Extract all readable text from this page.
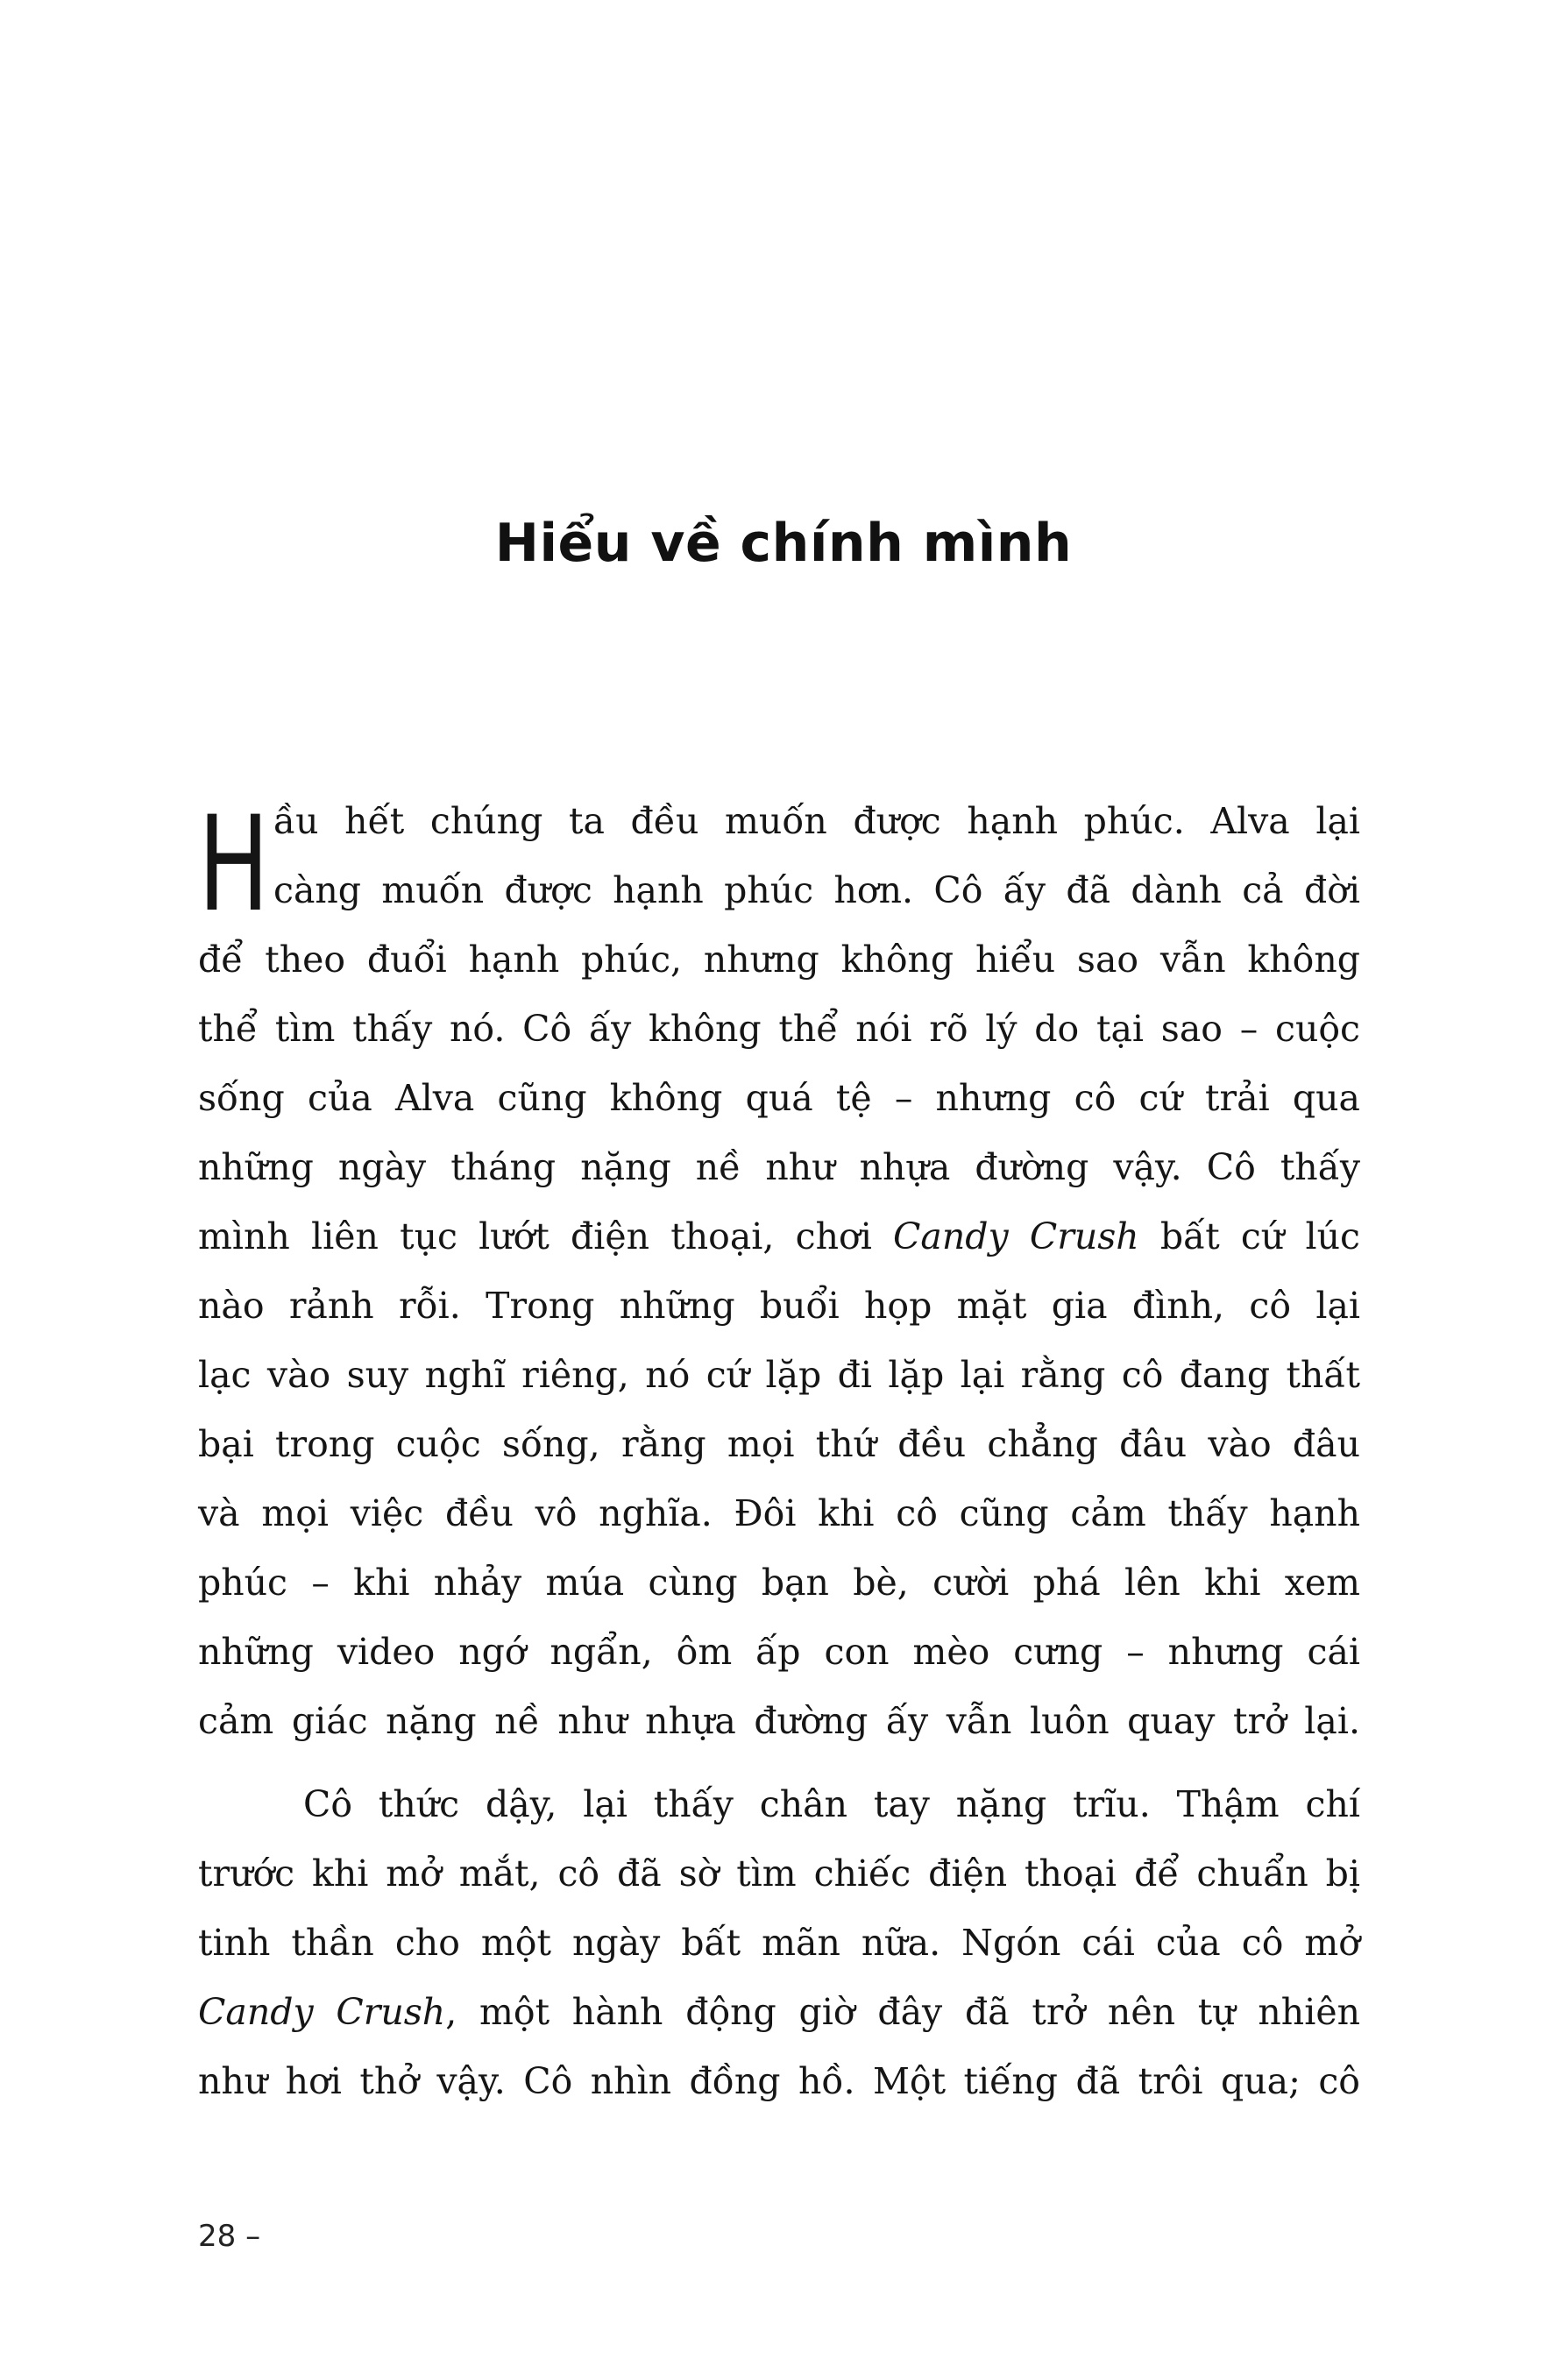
Hiểu về chính mình
H ầu hết chúng ta đều muốn được hạnh phúc. Alva lại
càng muốn được hạnh phúc hơn. Cô ấy đã dành cả đời
để theo đuổi hạnh phúc, nhưng không hiểu sao vẫn không
thể tìm thấy nó. Cô ấy không thể nói rõ lý do tại sao – cuộc
sống của Alva cũng không quá tệ – nhưng cô cứ trải qua
những ngày tháng nặng nề như nhựa đường vậy. Cô thấy
mình liên tục lướt điện thoại, chơi Candy Crush bất cứ lúc
nào rảnh rỗi. Trong những buổi họp mặt gia đình, cô lại
lạc vào suy nghĩ riêng, nó cứ lặp đi lặp lại rằng cô đang thất
bại trong cuộc sống, rằng mọi thứ đều chẳng đâu vào đâu
và mọi việc đều vô nghĩa. Đôi khi cô cũng cảm thấy hạnh
phúc – khi nhảy múa cùng bạn bè, cười phá lên khi xem
những video ngớ ngẩn, ôm ấp con mèo cưng – nhưng cái
cảm giác nặng nề như nhựa đường ấy vẫn luôn quay trở lại.
Cô thức dậy, lại thấy chân tay nặng trĩu. Thậm chí
trước khi mở mắt, cô đã sờ tìm chiếc điện thoại để chuẩn bị
tinh thần cho một ngày bất mãn nữa. Ngón cái của cô mở
Candy Crush, một hành động giờ đây đã trở nên tự nhiên
như hơi thở vậy. Cô nhìn đồng hồ. Một tiếng đã trôi qua; cô
28 –
